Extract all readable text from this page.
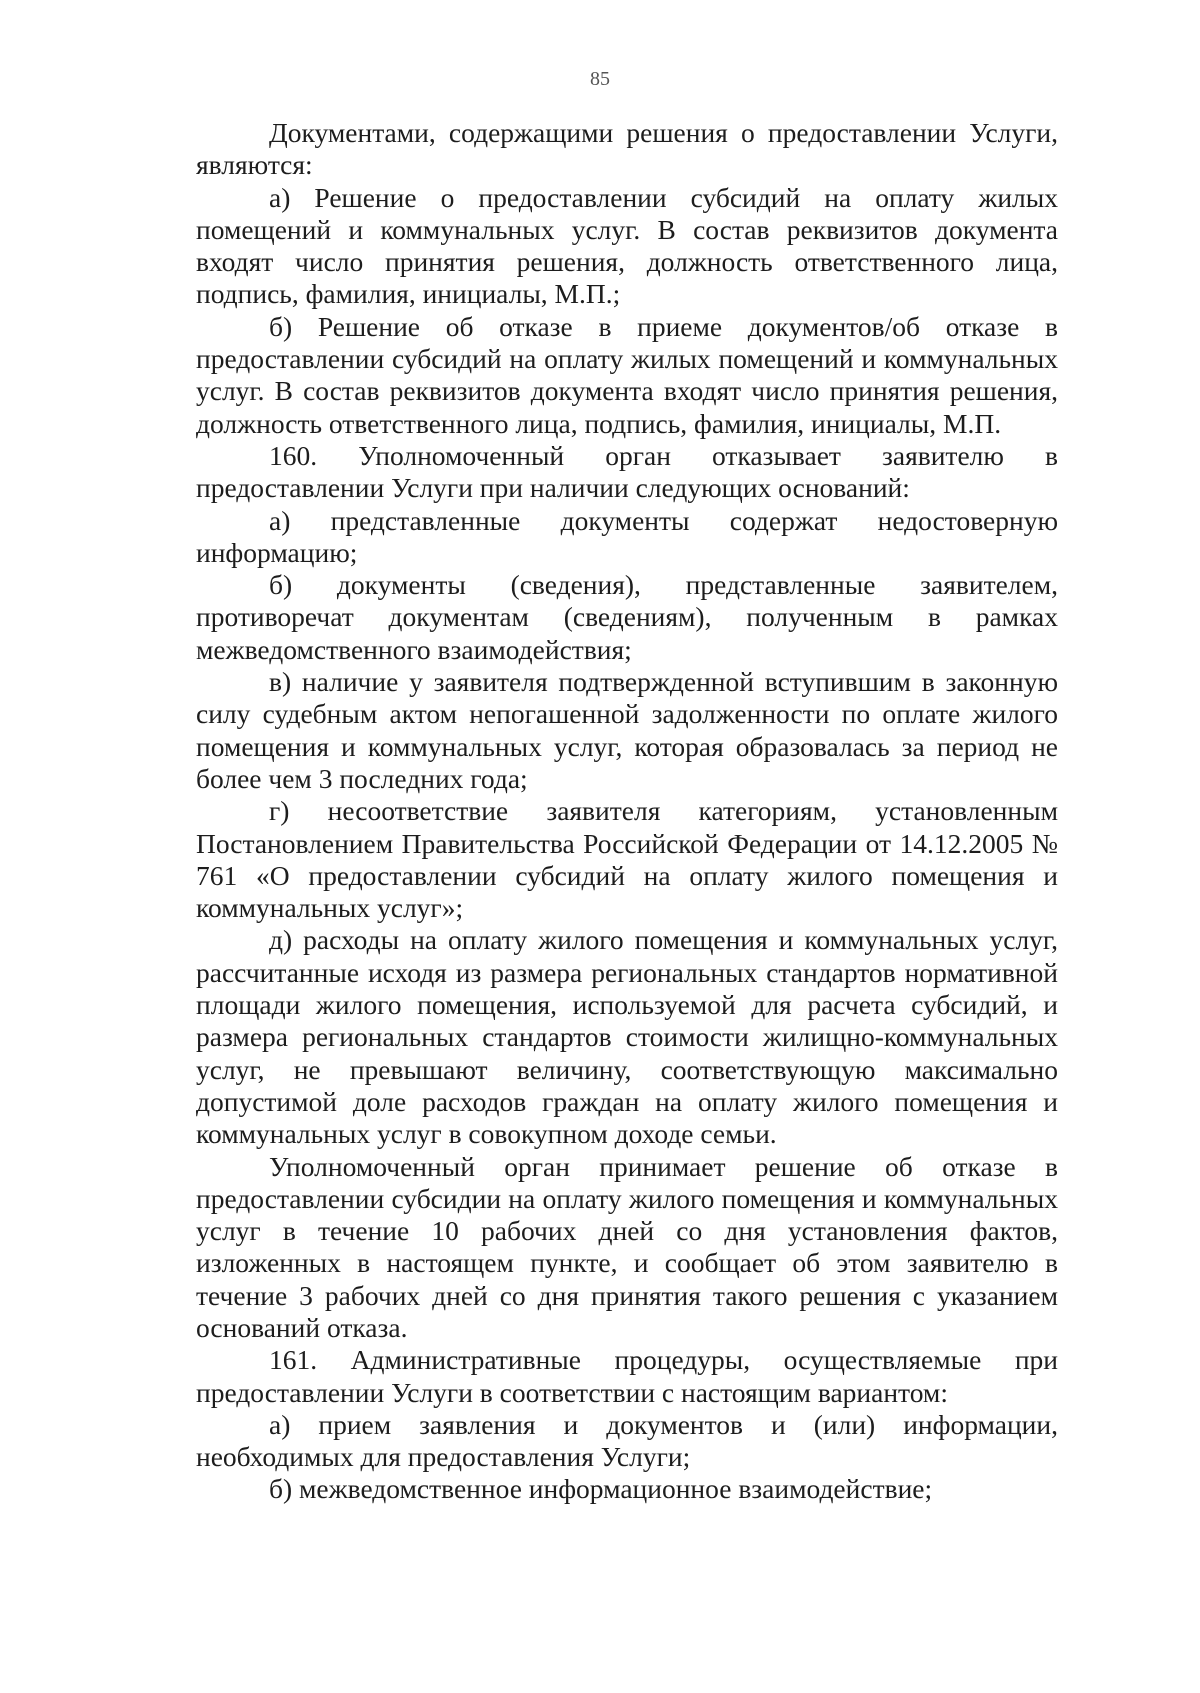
85

Документами, содержащими решения о предоставлении Услуги, являются:

а) Решение о предоставлении субсидий на оплату жилых помещений и коммунальных услуг. В состав реквизитов документа входят число принятия решения, должность ответственного лица, подпись, фамилия, инициалы, М.П.;

б) Решение об отказе в приеме документов/об отказе в предоставлении субсидий на оплату жилых помещений и коммунальных услуг. В состав реквизитов документа входят число принятия решения, должность ответственного лица, подпись, фамилия, инициалы, М.П.

160. Уполномоченный орган отказывает заявителю в предоставлении Услуги при наличии следующих оснований:

а) представленные документы содержат недостоверную информацию;

б) документы (сведения), представленные заявителем, противоречат документам (сведениям), полученным в рамках межведомственного взаимодействия;

в) наличие у заявителя подтвержденной вступившим в законную силу судебным актом непогашенной задолженности по оплате жилого помещения и коммунальных услуг, которая образовалась за период не более чем 3 последних года;

г) несоответствие заявителя категориям, установленным Постановлением Правительства Российской Федерации от 14.12.2005 № 761 «О предоставлении субсидий на оплату жилого помещения и коммунальных услуг»;

д) расходы на оплату жилого помещения и коммунальных услуг, рассчитанные исходя из размера региональных стандартов нормативной площади жилого помещения, используемой для расчета субсидий, и размера региональных стандартов стоимости жилищно-коммунальных услуг, не превышают величину, соответствующую максимально допустимой доле расходов граждан на оплату жилого помещения и коммунальных услуг в совокупном доходе семьи.

Уполномоченный орган принимает решение об отказе в предоставлении субсидии на оплату жилого помещения и коммунальных услуг в течение 10 рабочих дней со дня установления фактов, изложенных в настоящем пункте, и сообщает об этом заявителю в течение 3 рабочих дней со дня принятия такого решения с указанием оснований отказа.

161. Административные процедуры, осуществляемые при предоставлении Услуги в соответствии с настоящим вариантом:

а) прием заявления и документов и (или) информации, необходимых для предоставления Услуги;

б) межведомственное информационное взаимодействие;
